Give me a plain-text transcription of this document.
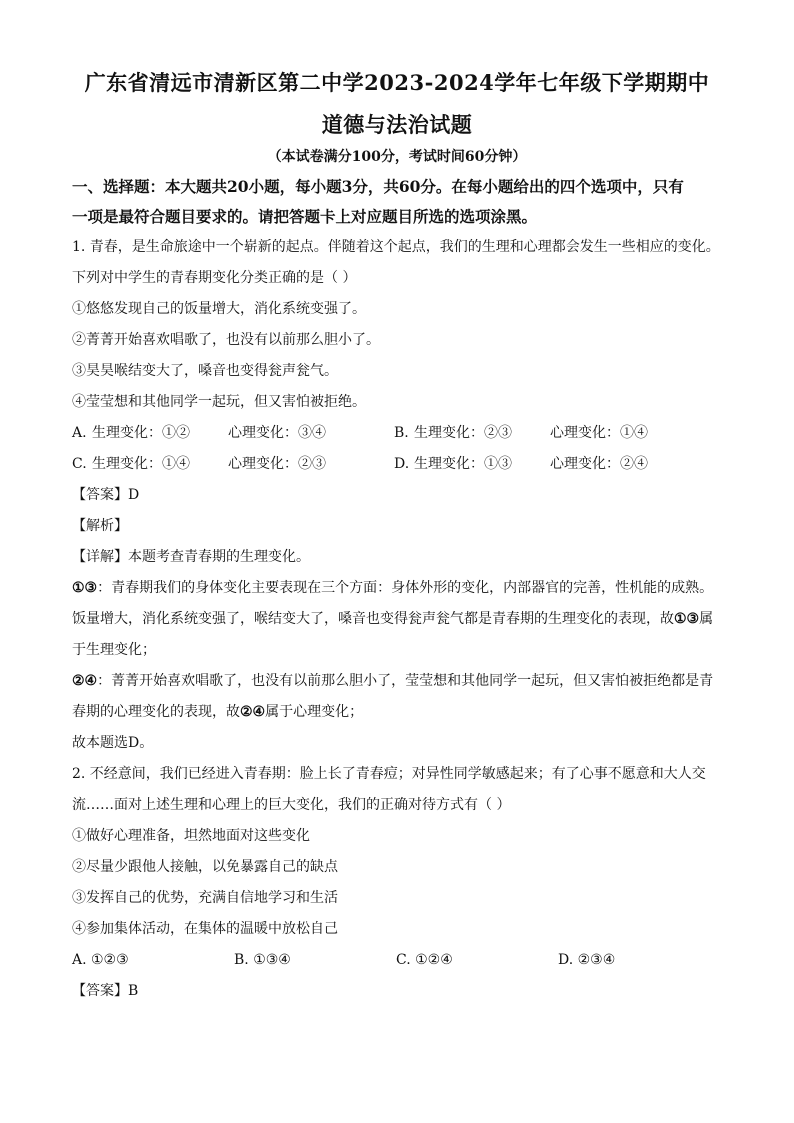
广东省清远市清新区第二中学2023-2024学年七年级下学期期中
道德与法治试题
（本试卷满分100分，考试时间60分钟）
一、选择题：本大题共20小题，每小题3分，共60分。在每小题给出的四个选项中，只有
一项是最符合题目要求的。请把答题卡上对应题目所选的选项涂黑。
1. 青春，是生命旅途中一个崭新的起点。伴随着这个起点，我们的生理和心理都会发生一些相应的变化。
下列对中学生的青春期变化分类正确的是（ ）
①悠悠发现自己的饭量增大，消化系统变强了。
②菁菁开始喜欢唱歌了，也没有以前那么胆小了。
③昊昊喉结变大了，嗓音也变得瓮声瓮气。
④莹莹想和其他同学一起玩，但又害怕被拒绝。
A. 生理变化：①②	心理变化：③④	B. 生理变化：②③	心理变化：①④
C. 生理变化：①④	心理变化：②③	D. 生理变化：①③	心理变化：②④
【答案】D
【解析】
【详解】本题考查青春期的生理变化。
①③：青春期我们的身体变化主要表现在三个方面：身体外形的变化，内部器官的完善，性机能的成熟。饭量增大，消化系统变强了，喉结变大了，嗓音也变得瓮声瓮气都是青春期的生理变化的表现，故①③属于生理变化；
②④：菁菁开始喜欢唱歌了，也没有以前那么胆小了，莹莹想和其他同学一起玩，但又害怕被拒绝都是青春期的心理变化的表现，故②④属于心理变化；
故本题选D。
2. 不经意间，我们已经进入青春期：脸上长了青春痘；对异性同学敏感起来；有了心事不愿意和大人交
流……面对上述生理和心理上的巨大变化，我们的正确对待方式有（ ）
①做好心理准备，坦然地面对这些变化
②尽量少跟他人接触，以免暴露自己的缺点
③发挥自己的优势，充满自信地学习和生活
④参加集体活动，在集体的温暖中放松自己
A. ①②③	B. ①③④	C. ①②④	D. ②③④
【答案】B
